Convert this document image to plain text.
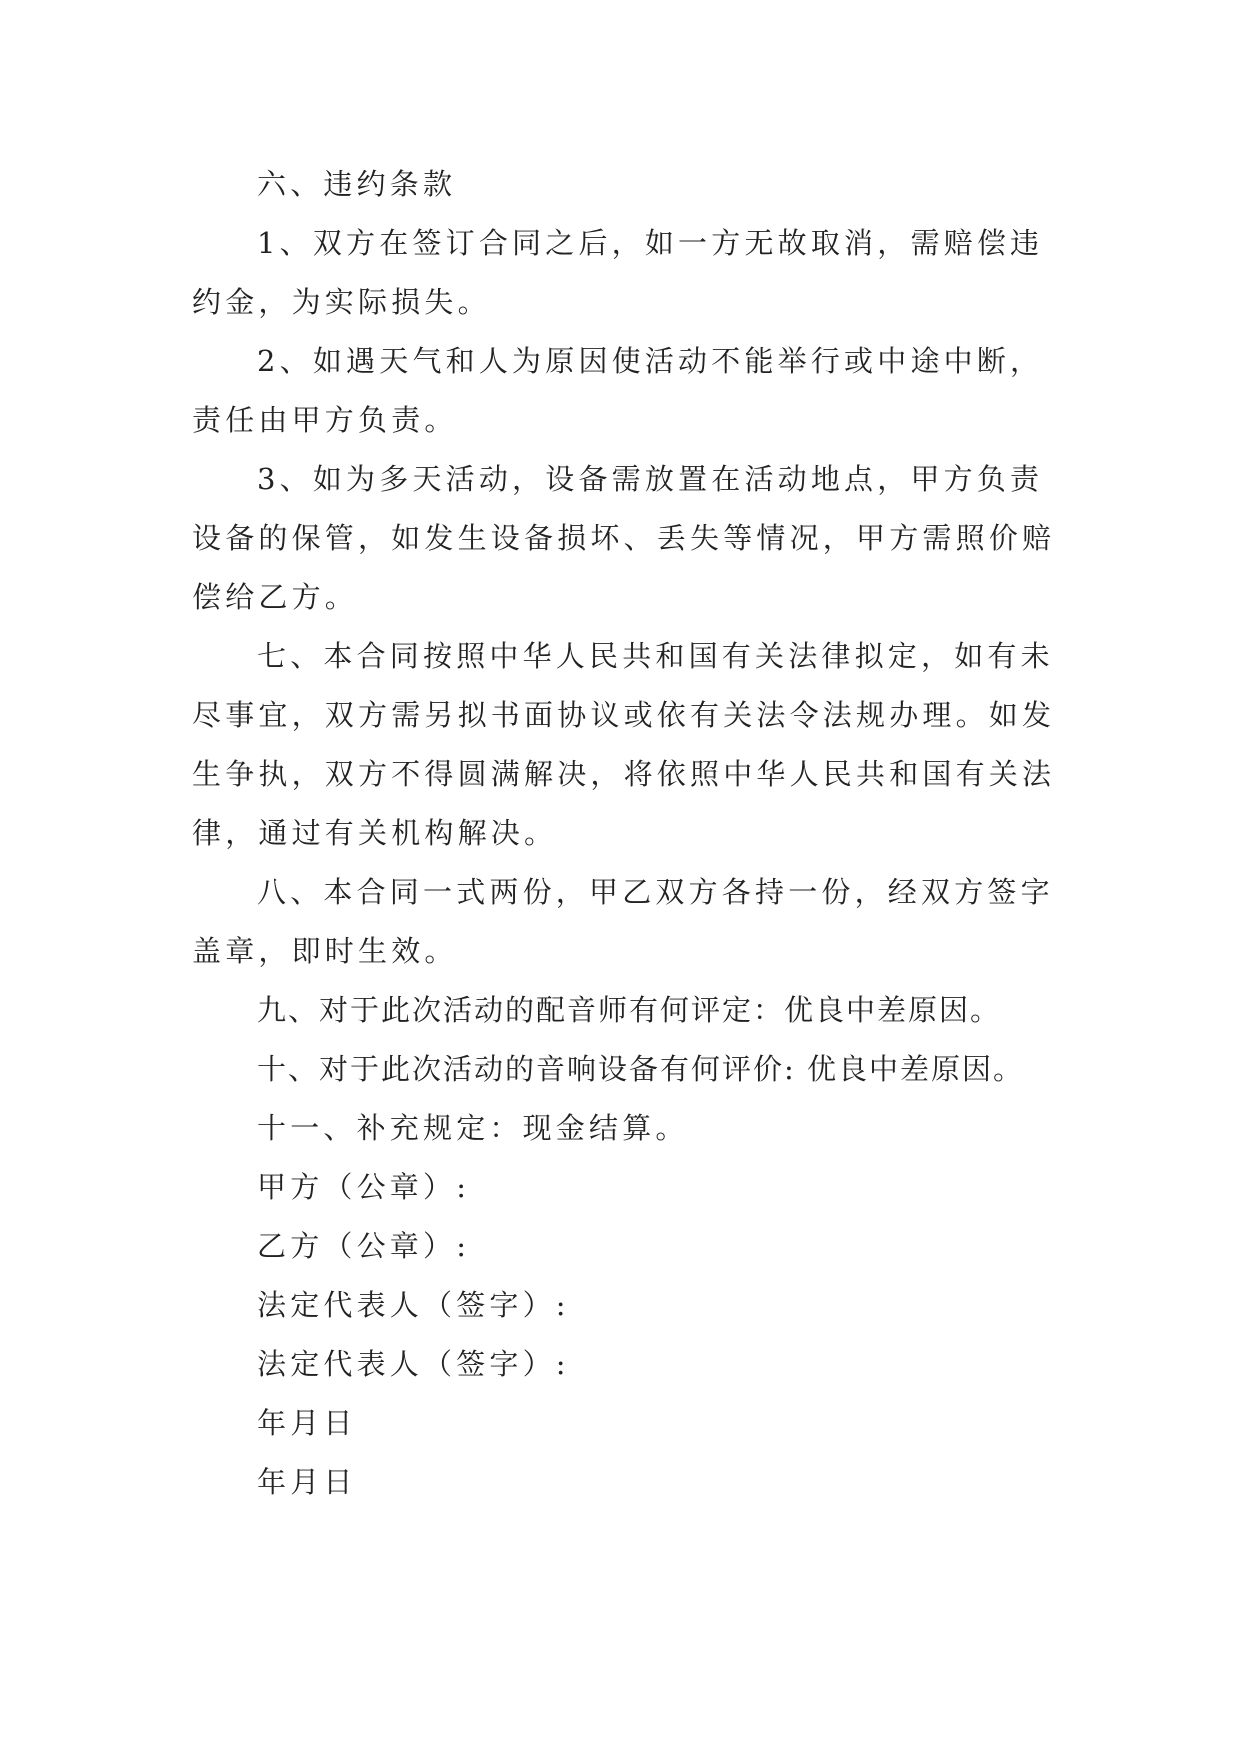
六、违约条款

1、双方在签订合同之后，如一方无故取消，需赔偿违约金，为实际损失。

2、如遇天气和人为原因使活动不能举行或中途中断，责任由甲方负责。

3、如为多天活动，设备需放置在活动地点，甲方负责设备的保管，如发生设备损坏、丢失等情况，甲方需照价赔偿给乙方。

七、本合同按照中华人民共和国有关法律拟定，如有未尽事宜，双方需另拟书面协议或依有关法令法规办理。如发生争执，双方不得圆满解决，将依照中华人民共和国有关法律，通过有关机构解决。

八、本合同一式两份，甲乙双方各持一份，经双方签字盖章，即时生效。

九、对于此次活动的配音师有何评定：优良中差原因。

十、对于此次活动的音响设备有何评价: 优良中差原因。

十一、补充规定：现金结算。

甲方（公章）:

乙方（公章）:

法定代表人（签字）:

法定代表人（签字）:

年月日

年月日
